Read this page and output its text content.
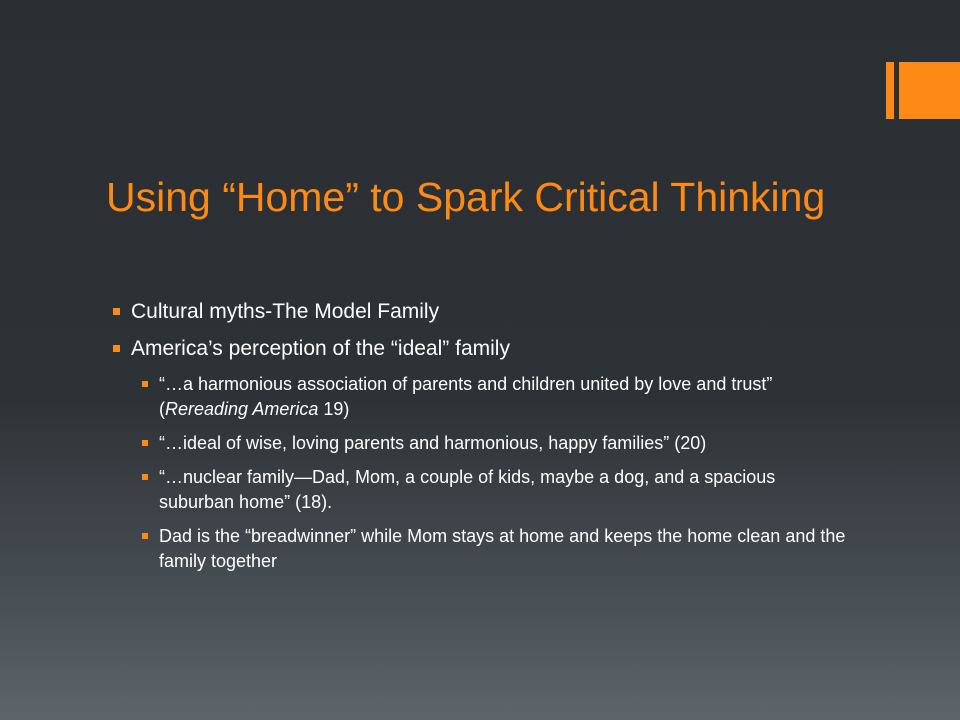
Using “Home” to Spark Critical Thinking
Cultural myths-The Model Family
America’s perception of the “ideal” family
“…a harmonious association of parents and children united by love and trust” (Rereading America 19)
“…ideal of wise, loving parents and harmonious, happy families” (20)
“…nuclear family—Dad, Mom, a couple of kids, maybe a dog, and a spacious suburban home” (18).
Dad is the “breadwinner” while Mom stays at home and keeps the home clean and the family together
